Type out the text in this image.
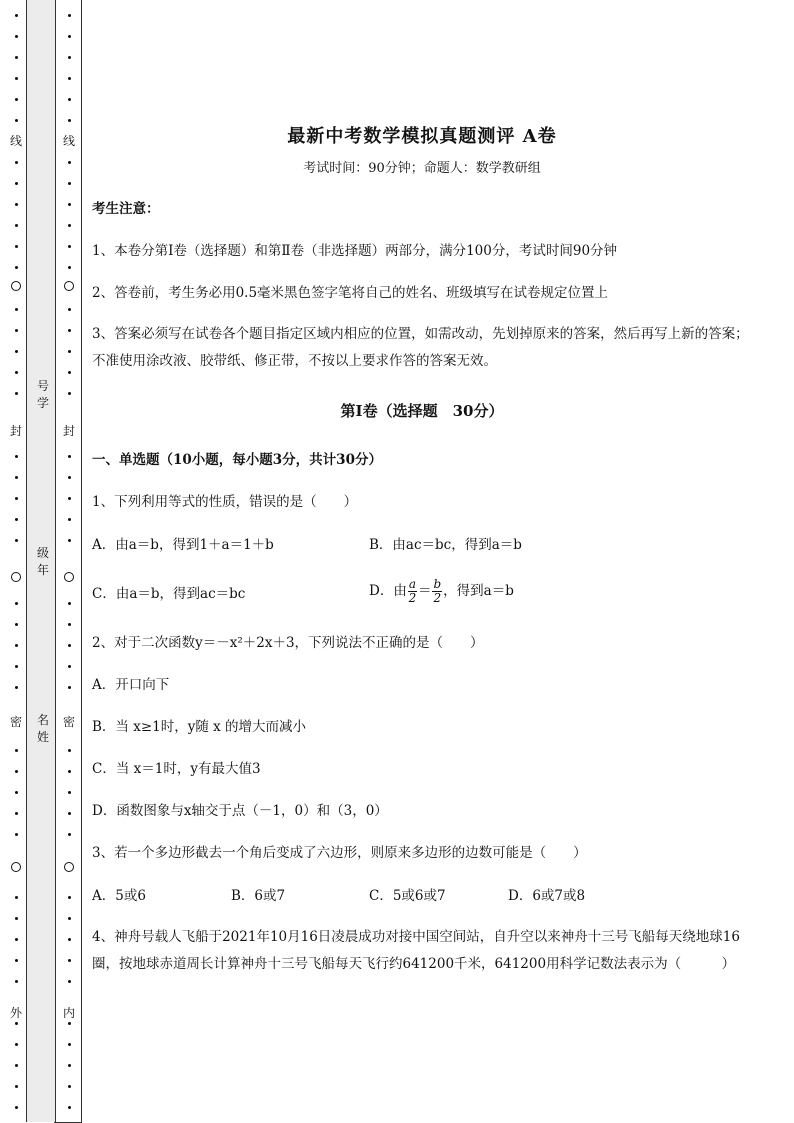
线
封
密
外
线
封
密
内
号学
级年
名姓
最新中考数学模拟真题测评 A卷
考试时间：90分钟；命题人：数学教研组
考生注意：
1、本卷分第I卷（选择题）和第Ⅱ卷（非选择题）两部分，满分100分，考试时间90分钟
2、答卷前，考生务必用0.5毫米黑色签字笔将自己的姓名、班级填写在试卷规定位置上
3、答案必须写在试卷各个题目指定区域内相应的位置，如需改动，先划掉原来的答案，然后再写上新的答案；不准使用涂改液、胶带纸、修正带，不按以上要求作答的答案无效。
第I卷（选择题　30分）
一、单选题（10小题，每小题3分，共计30分）
1、下列利用等式的性质，错误的是（　　）
A．由a＝b，得到1＋a＝1＋b	B．由ac＝bc，得到a＝b
C．由a＝b，得到ac＝bc	D．由 $\frac{a}{2} = \frac{b}{2}$ ，得到a＝b
2、对于二次函数y＝－x²＋2x＋3，下列说法不正确的是（　　）
A．开口向下
B．当 x≥1时，y随 x 的增大而减小
C．当 x＝1时，y有最大值3
D．函数图象与x轴交于点（－1，0）和（3，0）
3、若一个多边形截去一个角后变成了六边形，则原来多边形的边数可能是（　　）
A．5或6	B．6或7	C．5或6或7	D．6或7或8
4、神舟号载人飞船于2021年10月16日凌晨成功对接中国空间站，自升空以来神舟十三号飞船每天绕地球16圈，按地球赤道周长计算神舟十三号飞船每天飞行约641200千米，641200用科学记数法表示为（　　　）
